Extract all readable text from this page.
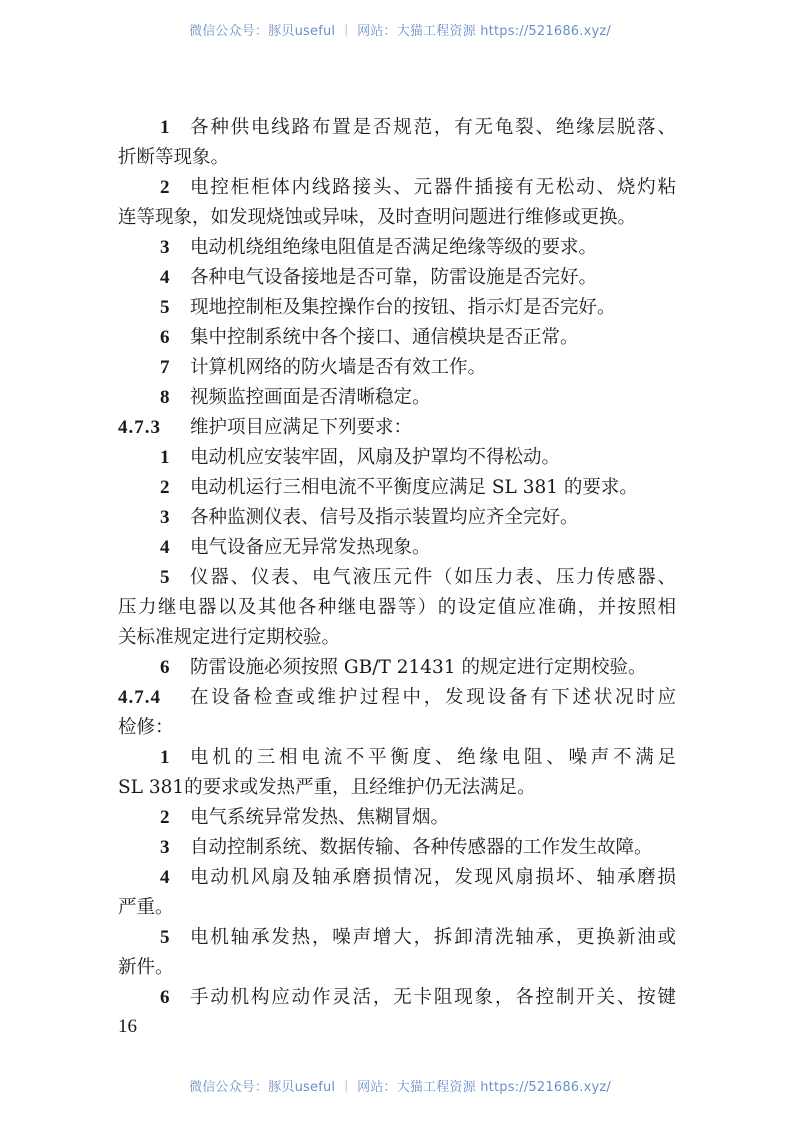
微信公众号：豚贝useful ｜ 网站：大猫工程资源 https://521686.xyz/
1 各种供电线路布置是否规范，有无龟裂、绝缘层脱落、
折断等现象。
2 电控柜柜体内线路接头、元器件插接有无松动、烧灼粘
连等现象，如发现烧蚀或异味，及时查明问题进行维修或更换。
3 电动机绕组绝缘电阻值是否满足绝缘等级的要求。
4 各种电气设备接地是否可靠，防雷设施是否完好。
5 现地控制柜及集控操作台的按钮、指示灯是否完好。
6 集中控制系统中各个接口、通信模块是否正常。
7 计算机网络的防火墙是否有效工作。
8 视频监控画面是否清晰稳定。
4.7.3 维护项目应满足下列要求：
1 电动机应安装牢固，风扇及护罩均不得松动。
2 电动机运行三相电流不平衡度应满足 SL 381 的要求。
3 各种监测仪表、信号及指示装置均应齐全完好。
4 电气设备应无异常发热现象。
5 仪器、仪表、电气液压元件（如压力表、压力传感器、
压力继电器以及其他各种继电器等）的设定值应准确，并按照相
关标准规定进行定期校验。
6 防雷设施必须按照 GB/T 21431 的规定进行定期校验。
4.7.4 在设备检查或维护过程中，发现设备有下述状况时应
检修：
1 电机的三相电流不平衡度、绝缘电阻、噪声不满足
SL 381的要求或发热严重，且经维护仍无法满足。
2 电气系统异常发热、焦糊冒烟。
3 自动控制系统、数据传输、各种传感器的工作发生故障。
4 电动机风扇及轴承磨损情况，发现风扇损坏、轴承磨损
严重。
5 电机轴承发热，噪声增大，拆卸清洗轴承，更换新油或
新件。
6 手动机构应动作灵活，无卡阻现象，各控制开关、按键
16
微信公众号：豚贝useful ｜ 网站：大猫工程资源 https://521686.xyz/
